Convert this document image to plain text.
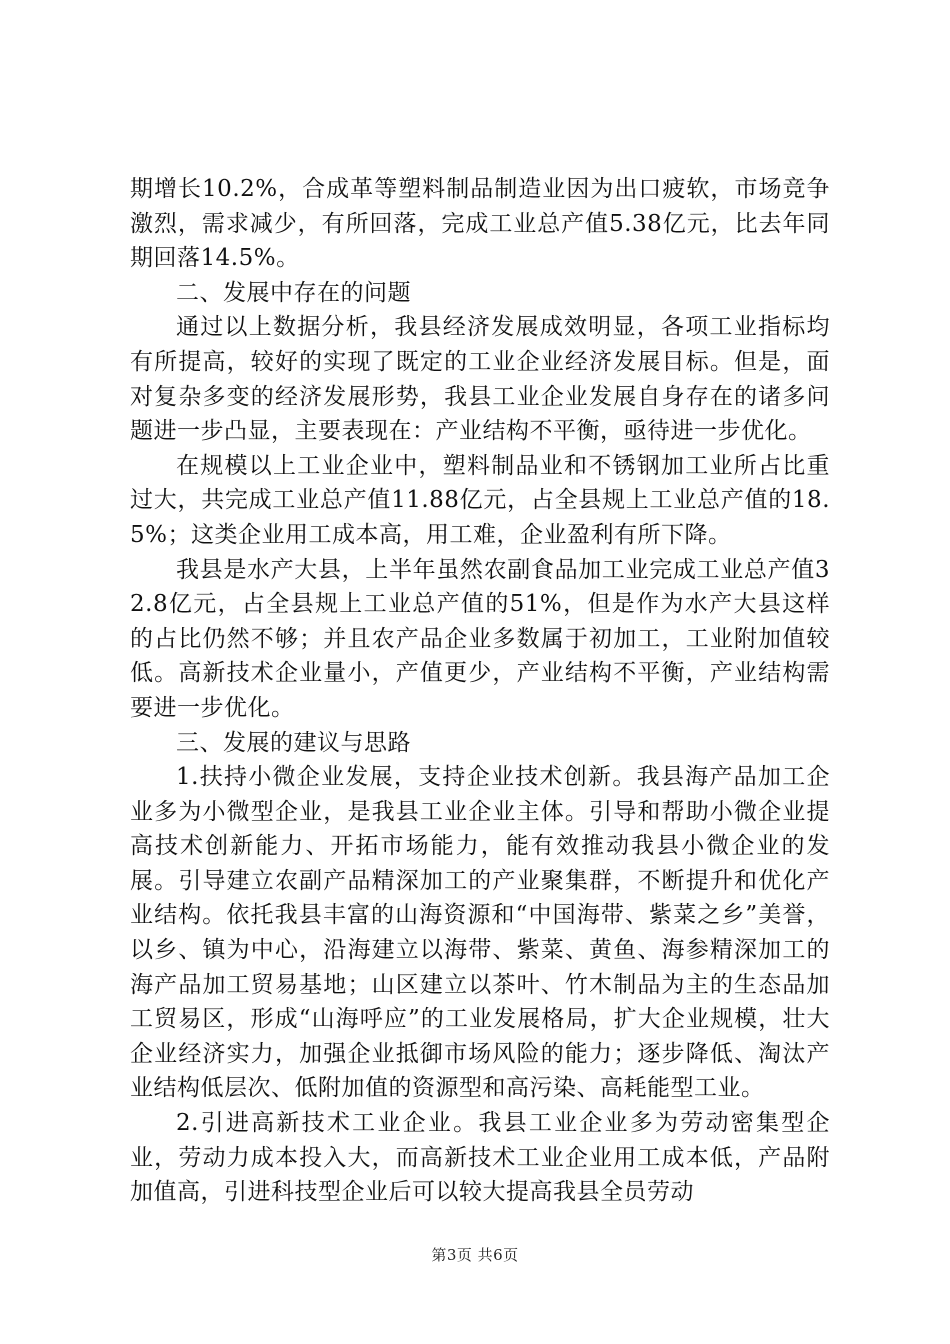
期增长10.2%，合成革等塑料制品制造业因为出口疲软，市场竞争激烈，需求减少，有所回落，完成工业总产值5.38亿元，比去年同期回落14.5%。

二、发展中存在的问题

通过以上数据分析，我县经济发展成效明显，各项工业指标均有所提高，较好的实现了既定的工业企业经济发展目标。但是，面对复杂多变的经济发展形势，我县工业企业发展自身存在的诸多问题进一步凸显，主要表现在：产业结构不平衡，亟待进一步优化。

在规模以上工业企业中，塑料制品业和不锈钢加工业所占比重过大，共完成工业总产值11.88亿元，占全县规上工业总产值的18.5%；这类企业用工成本高，用工难，企业盈利有所下降。

我县是水产大县，上半年虽然农副食品加工业完成工业总产值32.8亿元，占全县规上工业总产值的51%，但是作为水产大县这样的占比仍然不够；并且农产品企业多数属于初加工，工业附加值较低。高新技术企业量小，产值更少，产业结构不平衡，产业结构需要进一步优化。

三、发展的建议与思路

1.扶持小微企业发展，支持企业技术创新。我县海产品加工企业多为小微型企业，是我县工业企业主体。引导和帮助小微企业提高技术创新能力、开拓市场能力，能有效推动我县小微企业的发展。引导建立农副产品精深加工的产业聚集群，不断提升和优化产业结构。依托我县丰富的山海资源和“中国海带、紫菜之乡”美誉，以乡、镇为中心，沿海建立以海带、紫菜、黄鱼、海参精深加工的海产品加工贸易基地；山区建立以茶叶、竹木制品为主的生态品加工贸易区，形成“山海呼应”的工业发展格局，扩大企业规模，壮大企业经济实力，加强企业抵御市场风险的能力；逐步降低、淘汰产业结构低层次、低附加值的资源型和高污染、高耗能型工业。

2.引进高新技术工业企业。我县工业企业多为劳动密集型企业，劳动力成本投入大，而高新技术工业企业用工成本低，产品附加值高，引进科技型企业后可以较大提高我县全员劳动

第3页 共6页
